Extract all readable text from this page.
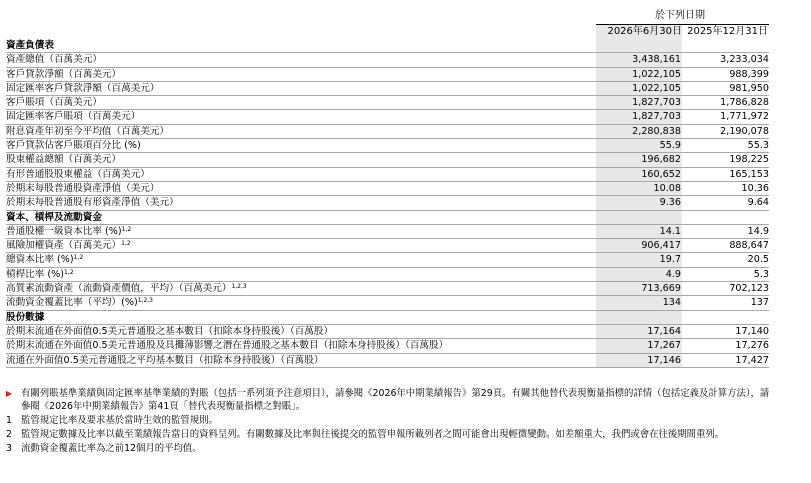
於下列日期
2026年6月30日 2025年12月31日
資產負債表
資產總值（百萬美元）	3,438,161	3,233,034
客戶貸款淨額（百萬美元）	1,022,105	988,399
固定匯率客戶貸款淨額（百萬美元）	1,022,105	981,950
客戶賬項（百萬美元）	1,827,703	1,786,828
固定匯率客戶賬項（百萬美元）	1,827,703	1,771,972
附息資產年初至今平均值（百萬美元）	2,280,838	2,190,078
客戶貸款佔客戶賬項百分比 (%)	55.9	55.3
股東權益總額（百萬美元）	196,682	198,225
有形普通股股東權益（百萬美元）	160,652	165,153
於期末每股普通股資產淨值（美元）	10.08	10.36
於期末每股普通股有形資產淨值（美元）	9.36	9.64
資本、槓桿及流動資金
普通股權一級資本比率 (%)$^{1,2}$	14.1	14.9
風險加權資產（百萬美元）$^{1,2}$	906,417	888,647
總資本比率 (%)$^{1,2}$	19.7	20.5
槓桿比率 (%)$^{1,2}$	4.9	5.3
高質素流動資產（流動資產價值，平均）（百萬美元）$^{1,2,3}$	713,669	702,123
流動資金覆蓋比率（平均）(%)$^{1,2,3}$	134	137
股份數據
於期末流通在外面值0.5美元普通股之基本數目（扣除本身持股後）（百萬股）	17,164	17,140
於期末流通在外面值0.5美元普通股及具攤薄影響之潛在普通股之基本數目（扣除本身持股後）（百萬股）	17,267	17,276
流通在外面值0.5美元普通股之平均基本數目（扣除本身持股後）（百萬股）	17,146	17,427
▶ 有關列賬基準業績與固定匯率基準業績的對賬（包括一系列須予注意項目），請參閱《2026年中期業績報告》第29頁。有關其他替代表現衡量指標的詳情（包括定義及計算方法），請參閱《2026年中期業績報告》第41頁「替代表現衡量指標之對賬」。
1 監管規定比率及要求基於當時生效的監管規則。
2 監管規定數據及比率以截至業績報告當日的資料呈列。有關數據及比率與往後提交的監管申報所載列者之間可能會出現輕微變動。如差額重大，我們或會在往後期間重列。
3 流動資金覆蓋比率為之前12個月的平均值。
